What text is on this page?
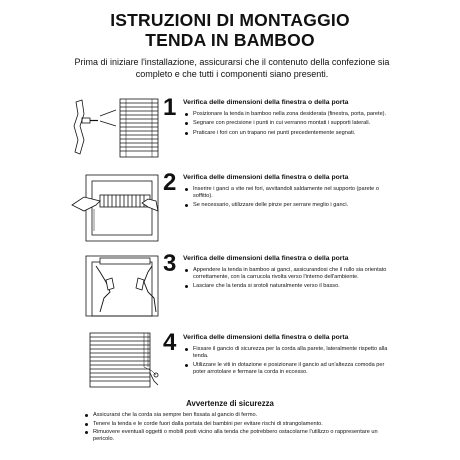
ISTRUZIONI DI MONTAGGIO
TENDA IN BAMBOO

Prima di iniziare l'installazione, assicurarsi che il contenuto della confezione sia completo e che tutti i componenti siano presenti.

1 Verifica delle dimensioni della finestra o della porta
Posizionare la tenda in bamboo nella zona desiderata (finestra, porta, parete).
Segnare con precisione i punti in cui verranno montati i supporti laterali.
Praticare i fori con un trapano nei punti precedentemente segnati.
2 Verifica delle dimensioni della finestra o della porta
Inserire i ganci a vite nei fori, avvitandoli saldamente nel supporto (parete o soffitto).
Se necessario, utilizzare delle pinze per serrare meglio i ganci.
3 Verifica delle dimensioni della finestra o della porta
Appendere la tenda in bamboo ai ganci, assicurandosi che il rullo sia orientato correttamente, con la carrucola rivolta verso l'interno dell'ambiente.
Lasciare che la tenda si srotoli naturalmente verso il basso.
4 Verifica delle dimensioni della finestra o della porta
Fissare il gancio di sicurezza per la corda alla parete, lateralmente rispetto alla tenda.
Utilizzare le viti in dotazione e posizionare il gancio ad un'altezza comoda per poter arrotolare e fermare la corda in eccesso.
Avvertenze di sicurezza
Assicurarsi che la corda sia sempre ben fissata al gancio di fermo.
Tenere la tenda e le corde fuori dalla portata dei bambini per evitare rischi di strangolamento.
Rimuovere eventuali oggetti o mobili posti vicino alla tenda che potrebbero ostacolarne l'utilizzo o rappresentare un pericolo.
